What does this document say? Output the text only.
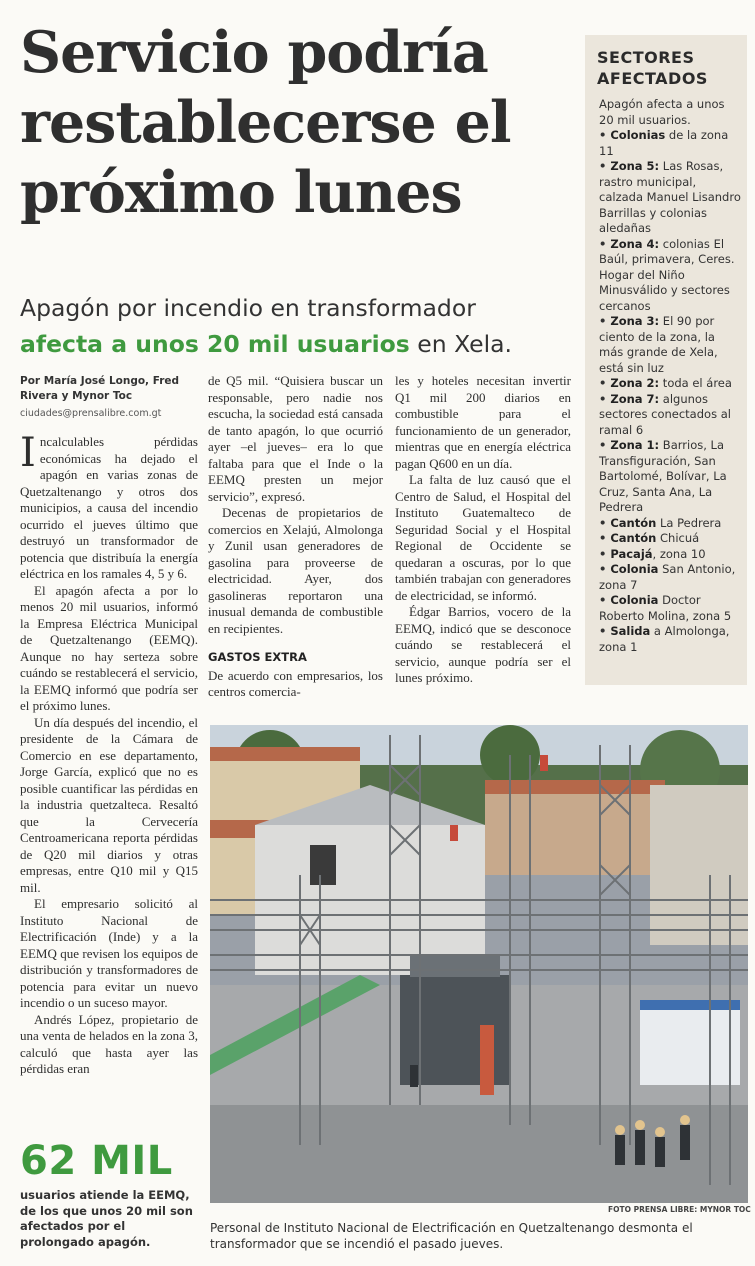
Servicio podría restablecerse el próximo lunes

Apagón por incendio en transformador
afecta a unos 20 mil usuarios en Xela.

Por María José Longo, Fred Rivera y Mynor Toc
ciudades@prensalibre.com.gt

Incalculables pérdidas económicas ha dejado el apagón en varias zonas de Quetzaltenango y otros dos municipios, a causa del incendio ocurrido el jueves último que destruyó un transformador de potencia que distribuía la energía eléctrica en los ramales 4, 5 y 6.

El apagón afecta a por lo menos 20 mil usuarios, informó la Empresa Eléctrica Municipal de Quetzaltenango (EEMQ). Aunque no hay serteza sobre cuándo se restablecerá el servicio, la EEMQ informó que podría ser el próximo lunes.

Un día después del incendio, el presidente de la Cámara de Comercio en ese departamento, Jorge García, explicó que no es posible cuantificar las pérdidas en la industria quetzalteca. Resaltó que la Cervecería Centroamericana reporta pérdidas de Q20 mil diarios y otras empresas, entre Q10 mil y Q15 mil.

El empresario solicitó al Instituto Nacional de Electrificación (Inde) y a la EEMQ que revisen los equipos de distribución y transformadores de potencia para evitar un nuevo incendio o un suceso mayor.

Andrés López, propietario de una venta de helados en la zona 3, calculó que hasta ayer las pérdidas eran

de Q5 mil. “Quisiera buscar un responsable, pero nadie nos escucha, la sociedad está cansada de tanto apagón, lo que ocurrió ayer –el jueves– era lo que faltaba para que el Inde o la EEMQ presten un mejor servicio”, expresó.

Decenas de propietarios de comercios en Xelajú, Almolonga y Zunil usan generadores de gasolina para proveerse de electricidad. Ayer, dos gasolineras reportaron una inusual demanda de combustible en recipientes.

GASTOS EXTRA

De acuerdo con empresarios, los centros comercia-

les y hoteles necesitan invertir Q1 mil 200 diarios en combustible para el funcionamiento de un generador, mientras que en energía eléctrica pagan Q600 en un día.

La falta de luz causó que el Centro de Salud, el Hospital del Instituto Guatemalteco de Seguridad Social y el Hospital Regional de Occidente se quedaran a oscuras, por lo que también trabajan con generadores de electricidad, se informó.

Édgar Barrios, vocero de la EEMQ, indicó que se desconoce cuándo se restablecerá el servicio, aunque podría ser el lunes próximo.

SECTORES AFECTADOS
Apagón afecta a unos 20 mil usuarios.
• Colonias de la zona 11
• Zona 5: Las Rosas, rastro municipal, calzada Manuel Lisandro Barrillas y colonias aledañas
• Zona 4: colonias El Baúl, primavera, Ceres. Hogar del Niño Minusválido y sectores cercanos
• Zona 3: El 90 por ciento de la zona, la más grande de Xela, está sin luz
• Zona 2: toda el área
• Zona 7: algunos sectores conectados al ramal 6
• Zona 1: Barrios, La Transfiguración, San Bartolomé, Bolívar, La Cruz, Santa Ana, La Pedrera
• Cantón La Pedrera
• Cantón Chicuá
• Pacajá, zona 10
• Colonia San Antonio, zona 7
• Colonia Doctor Roberto Molina, zona 5
• Salida a Almolonga, zona 1
FOTO PRENSA LIBRE: MYNOR TOC
Personal de Instituto Nacional de Electrificación en Quetzaltenango desmonta el transformador que se incendió el pasado jueves.
62 MIL
usuarios atiende la EEMQ, de los que unos 20 mil son afectados por el prolongado apagón.
